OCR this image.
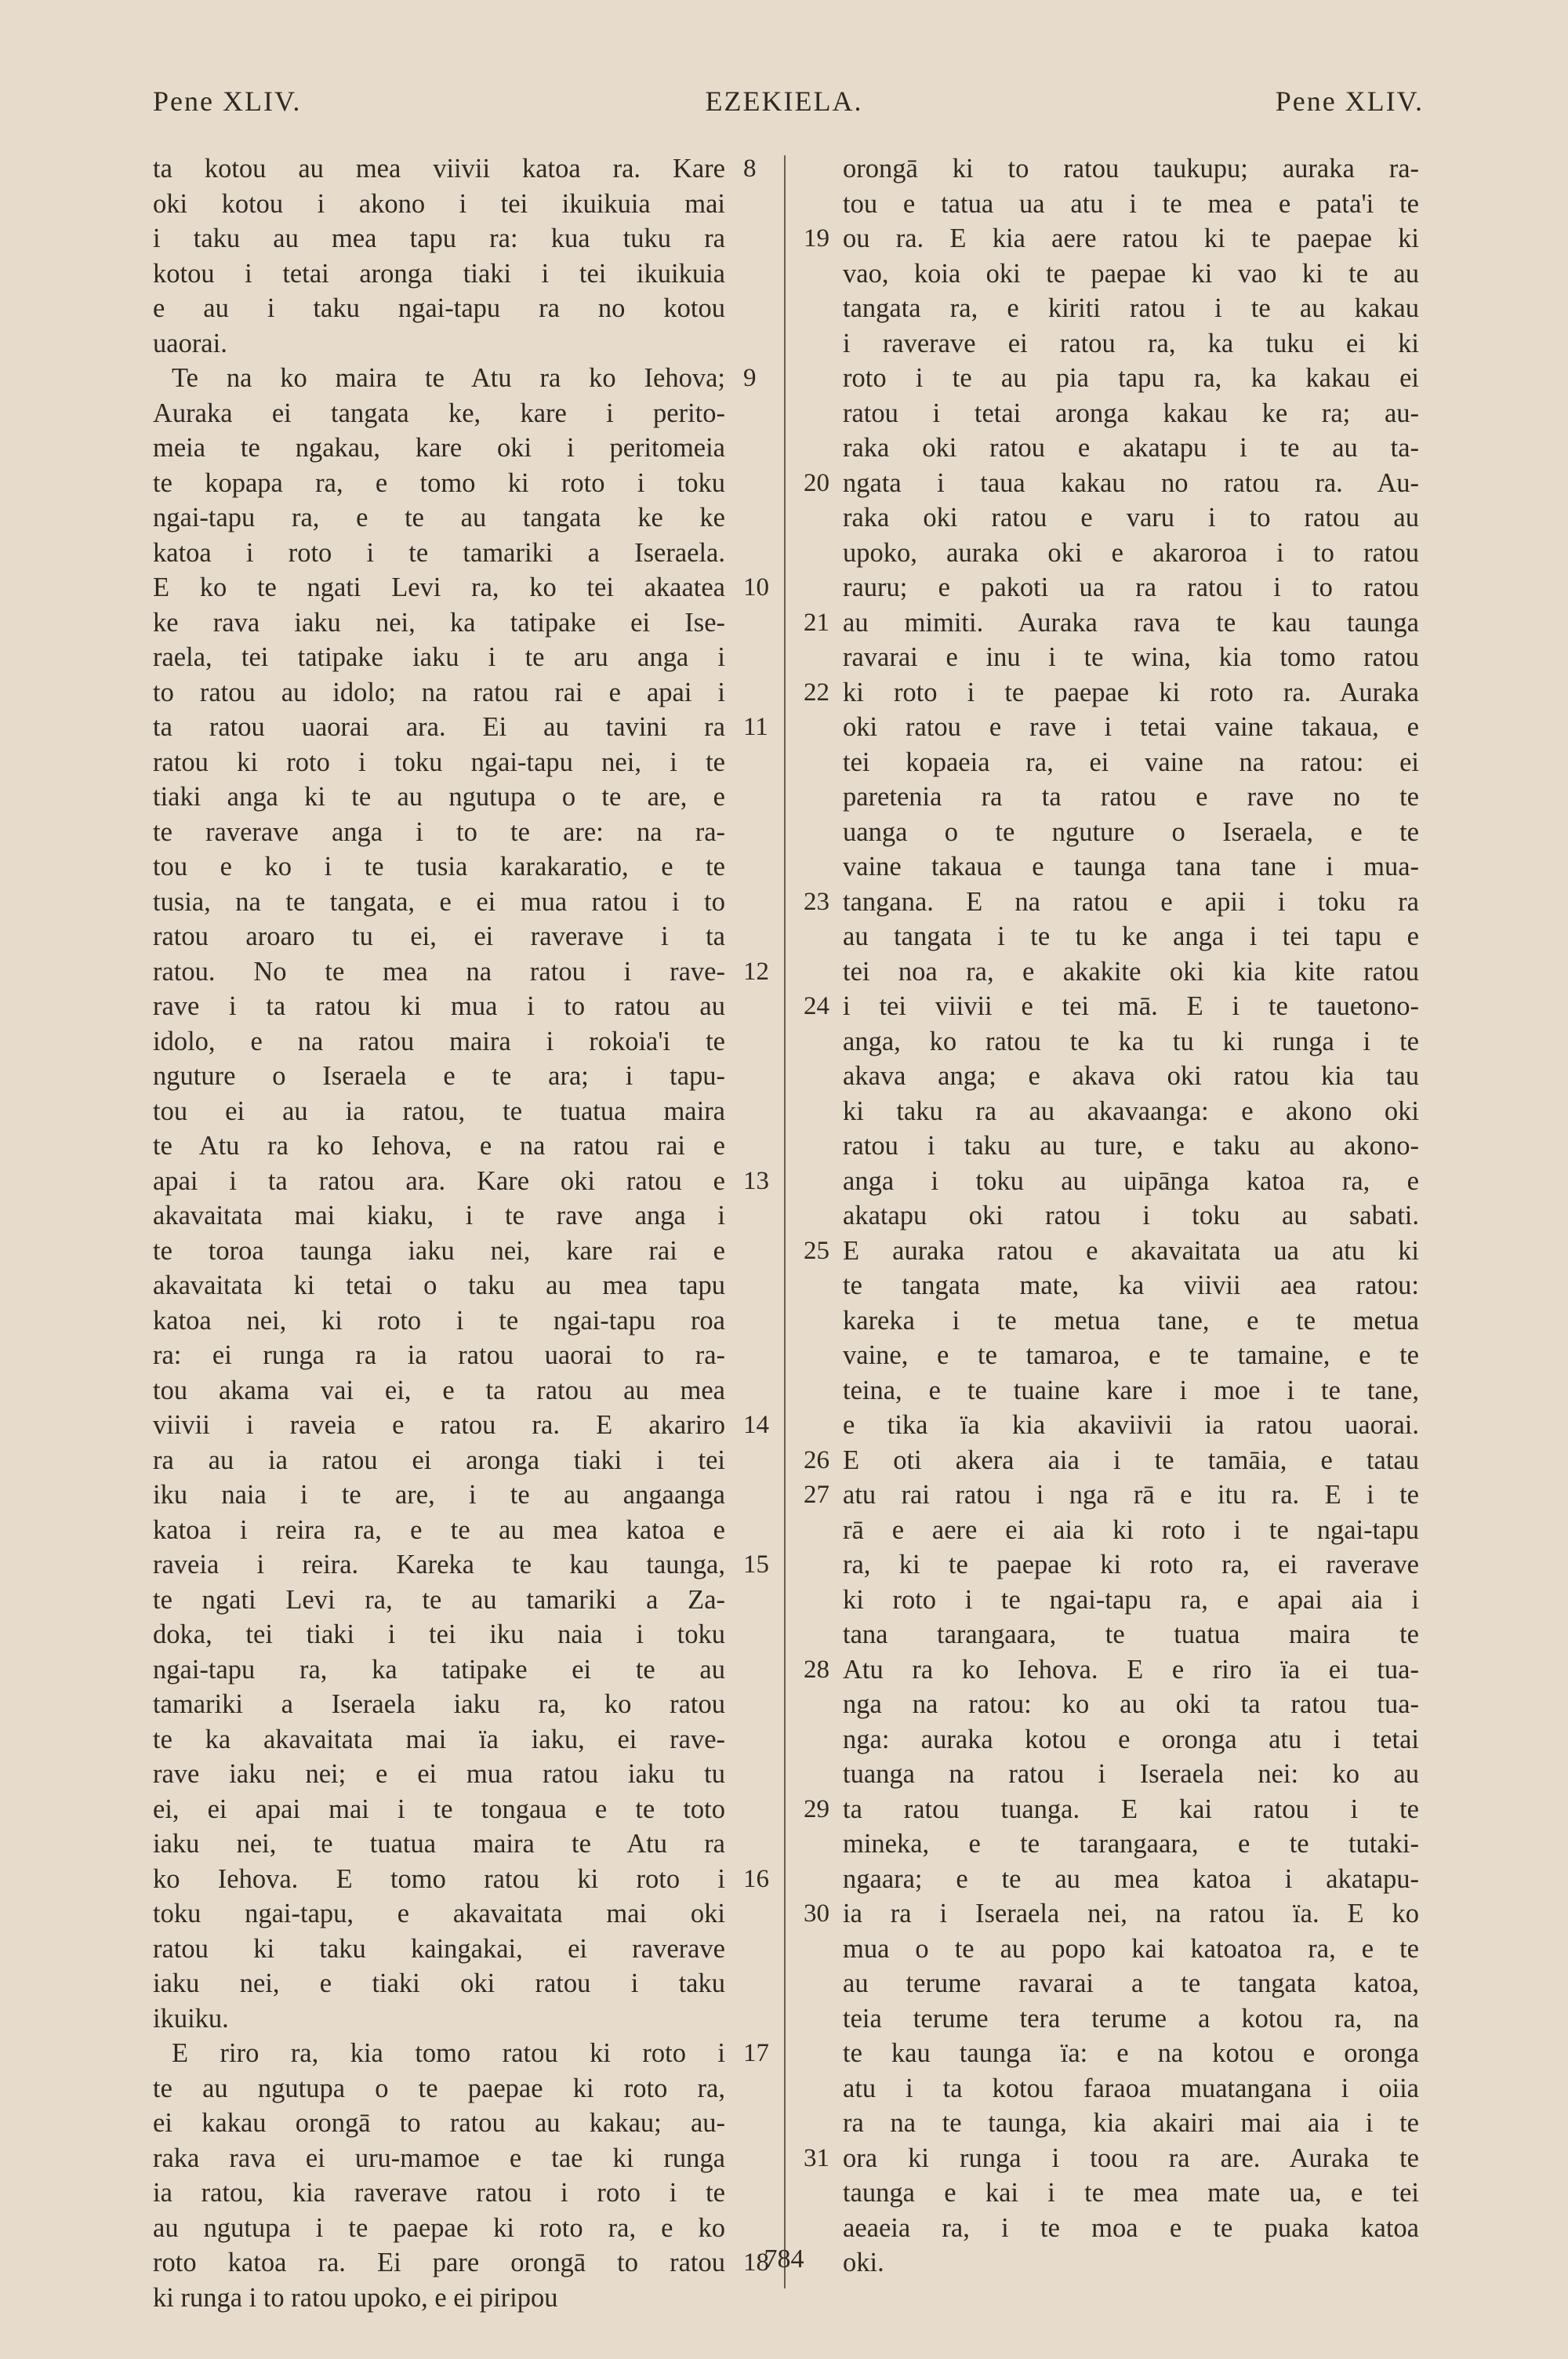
Pene XLIV.	EZEKIELA.	Pene XLIV.
ta kotou au mea viivii katoa ra. Kare
oki kotou i akono i tei ikuikuia mai
i taku au mea tapu ra: kua tuku ra
kotou i tetai aronga tiaki i tei ikuikuia
e au i taku ngai-tapu ra no kotou
uaorai.
Te na ko maira te Atu ra ko Iehova;
Auraka ei tangata ke, kare i perito-
meia te ngakau, kare oki i peritomeia
te kopapa ra, e tomo ki roto i toku
ngai-tapu ra, e te au tangata ke ke
katoa i roto i te tamariki a Iseraela.
E ko te ngati Levi ra, ko tei akaatea
ke rava iaku nei, ka tatipake ei Ise-
raela, tei tatipake iaku i te aru anga i
to ratou au idolo; na ratou rai e apai i
ta ratou uaorai ara. Ei au tavini ra
ratou ki roto i toku ngai-tapu nei, i te
tiaki anga ki te au ngutupa o te are, e
te raverave anga i to te are: na ra-
tou e ko i te tusia karakaratio, e te
tusia, na te tangata, e ei mua ratou i to
ratou aroaro tu ei, ei raverave i ta
ratou. No te mea na ratou i rave-
rave i ta ratou ki mua i to ratou au
idolo, e na ratou maira i rokoia'i te
nguture o Iseraela e te ara; i tapu-
tou ei au ia ratou, te tuatua maira
te Atu ra ko Iehova, e na ratou rai e
apai i ta ratou ara. Kare oki ratou e
akavaitata mai kiaku, i te rave anga i
te toroa taunga iaku nei, kare rai e
akavaitata ki tetai o taku au mea tapu
katoa nei, ki roto i te ngai-tapu roa
ra: ei runga ra ia ratou uaorai to ra-
tou akama vai ei, e ta ratou au mea
viivii i raveia e ratou ra. E akariro
ra au ia ratou ei aronga tiaki i tei
iku naia i te are, i te au angaanga
katoa i reira ra, e te au mea katoa e
raveia i reira. Kareka te kau taunga,
te ngati Levi ra, te au tamariki a Za-
doka, tei tiaki i tei iku naia i toku
ngai-tapu ra, ka tatipake ei te au
tamariki a Iseraela iaku ra, ko ratou
te ka akavaitata mai ïa iaku, ei rave-
rave iaku nei; e ei mua ratou iaku tu
ei, ei apai mai i te tongaua e te toto
iaku nei, te tuatua maira te Atu ra
ko Iehova. E tomo ratou ki roto i
toku ngai-tapu, e akavaitata mai oki
ratou ki taku kaingakai, ei raverave
iaku nei, e tiaki oki ratou i taku
ikuiku.
E riro ra, kia tomo ratou ki roto i
te au ngutupa o te paepae ki roto ra,
ei kakau orongā to ratou au kakau; au-
raka rava ei uru-mamoe e tae ki runga
ia ratou, kia raverave ratou i roto i te
au ngutupa i te paepae ki roto ra, e ko
roto katoa ra. Ei pare orongā to ratou
ki runga i to ratou upoko, e ei piripou
orongā ki to ratou taukupu; auraka ra-
tou e tatua ua atu i te mea e pata'i te
ou ra. E kia aere ratou ki te paepae ki
vao, koia oki te paepae ki vao ki te au
tangata ra, e kiriti ratou i te au kakau
i raverave ei ratou ra, ka tuku ei ki
roto i te au pia tapu ra, ka kakau ei
ratou i tetai aronga kakau ke ra; au-
raka oki ratou e akatapu i te au ta-
ngata i taua kakau no ratou ra. Au-
raka oki ratou e varu i to ratou au
upoko, auraka oki e akaroroa i to ratou
rauru; e pakoti ua ra ratou i to ratou
au mimiti. Auraka rava te kau taunga
ravarai e inu i te wina, kia tomo ratou
ki roto i te paepae ki roto ra. Auraka
oki ratou e rave i tetai vaine takaua, e
tei kopaeia ra, ei vaine na ratou: ei
paretenia ra ta ratou e rave no te
uanga o te nguture o Iseraela, e te
vaine takaua e taunga tana tane i mua-
tangana. E na ratou e apii i toku ra
au tangata i te tu ke anga i tei tapu e
tei noa ra, e akakite oki kia kite ratou
i tei viivii e tei mā. E i te tauetono-
anga, ko ratou te ka tu ki runga i te
akava anga; e akava oki ratou kia tau
ki taku ra au akavaanga: e akono oki
ratou i taku au ture, e taku au akono-
anga i toku au uipānga katoa ra, e
akatapu oki ratou i toku au sabati.
E auraka ratou e akavaitata ua atu ki
te tangata mate, ka viivii aea ratou:
kareka i te metua tane, e te metua
vaine, e te tamaroa, e te tamaine, e te
teina, e te tuaine kare i moe i te tane,
e tika ïa kia akaviivii ia ratou uaorai.
E oti akera aia i te tamāia, e tatau
atu rai ratou i nga rā e itu ra. E i te
rā e aere ei aia ki roto i te ngai-tapu
ra, ki te paepae ki roto ra, ei raverave
ki roto i te ngai-tapu ra, e apai aia i
tana tarangaara, te tuatua maira te
Atu ra ko Iehova. E e riro ïa ei tua-
nga na ratou: ko au oki ta ratou tua-
nga: auraka kotou e oronga atu i tetai
tuanga na ratou i Iseraela nei: ko au
ta ratou tuanga. E kai ratou i te
mineka, e te tarangaara, e te tutaki-
ngaara; e te au mea katoa i akatapu-
ia ra i Iseraela nei, na ratou ïa. E ko
mua o te au popo kai katoatoa ra, e te
au terume ravarai a te tangata katoa,
teia terume tera terume a kotou ra, na
te kau taunga ïa: e na kotou e oronga
atu i ta kotou faraoa muatangana i oiia
ra na te taunga, kia akairi mai aia i te
ora ki runga i toou ra are. Auraka te
taunga e kai i te mea mate ua, e tei
aeaeia ra, i te moa e te puaka katoa
oki.
8
9
10
11
12
13
14
15
16
17
18
19
20
21
22
23
24
25
26
27
28
29
30
31
784
